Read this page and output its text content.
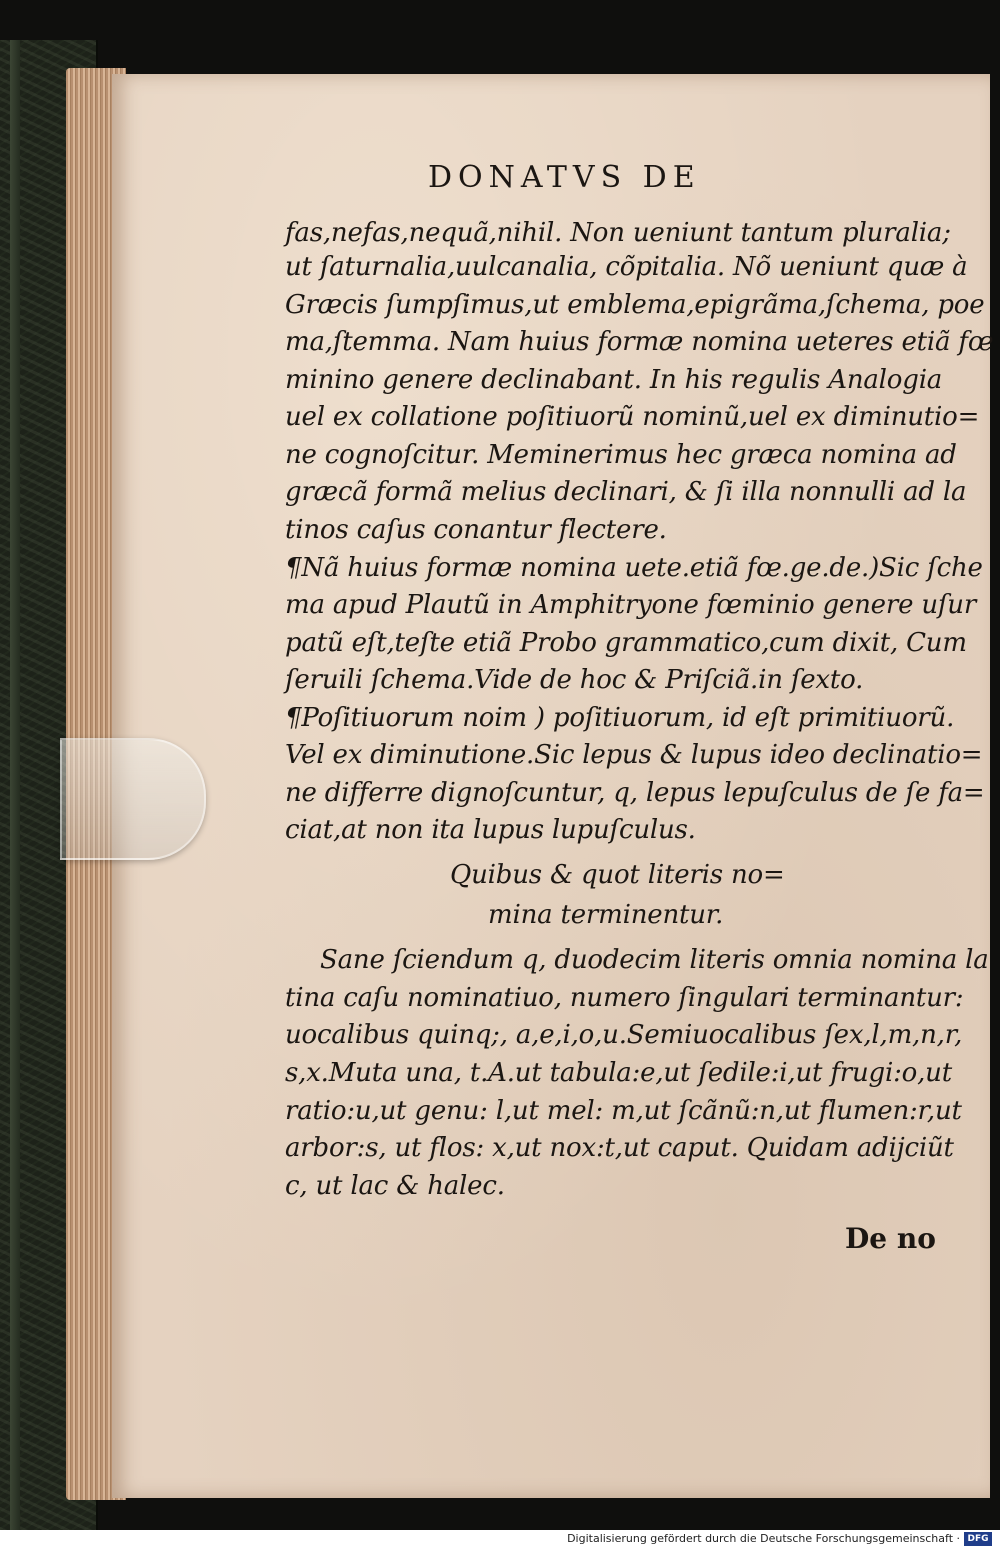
DONATVS DE
fas,nefas,nequã,nihil. Non ueniunt tantum pluralia;
ut ſaturnalia,uulcanalia, cõpitalia. Nõ ueniunt quæ à
Græcis ſumpſimus,ut emblema,epigrãma,ſchema, poe
ma,ſtemma. Nam huius formæ nomina ueteres etiã fœ
minino genere declinabant. In his regulis Analogia
uel ex collatione poſitiuorũ nominũ,uel ex diminutio=
ne cognoſcitur. Meminerimus hec græca nomina ad
græcã formã melius declinari, & ſi illa nonnulli ad la
tinos caſus conantur flectere.
¶Nã huius formæ nomina uete.etiã fœ.ge.de.)Sic ſche
ma apud Plautũ in Amphitryone fœminio genere uſur
patũ eſt,teſte etiã Probo grammatico,cum dixit, Cum
ſeruili ſchema.Vide de hoc & Priſciã.in ſexto.
¶Poſitiuorum noim ) poſitiuorum, id eſt primitiuorũ.
Vel ex diminutione.Sic lepus & lupus ideo declinatio=
ne differre dignoſcuntur, q, lepus lepuſculus de ſe fa=
ciat,at non ita lupus lupuſculus.
Quibus & quot literis no=
mina terminentur.
Sane ſciendum q, duodecim literis omnia nomina la
tina caſu nominatiuo, numero ſingulari terminantur:
uocalibus quinq;, a,e,i,o,u.Semiuocalibus ſex,l,m,n,r,
s,x.Muta una, t.A.ut tabula:e,ut ſedile:i,ut frugi:o,ut
ratio:u,ut genu: l,ut mel: m,ut ſcãnũ:n,ut flumen:r,ut
arbor:s, ut flos: x,ut nox:t,ut caput. Quidam adijciũt
c, ut lac & halec.
De no
Digitalisierung gefördert durch die Deutsche Forschungsgemeinschaft · DFG
